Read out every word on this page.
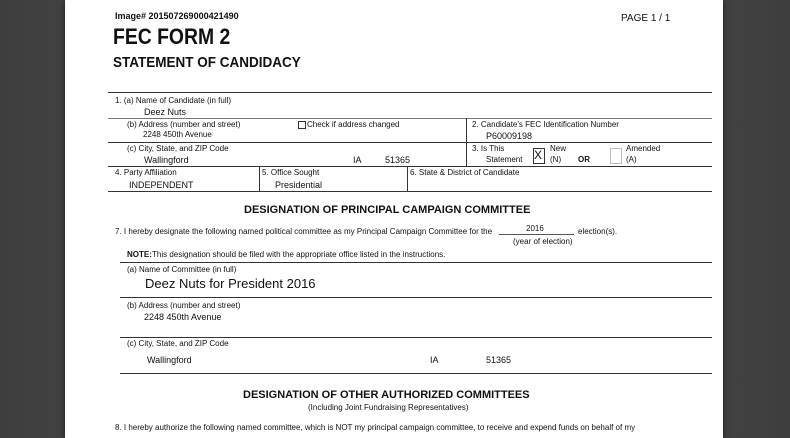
Image# 201507269000421490	PAGE 1 / 1
FEC FORM 2
STATEMENT OF CANDIDACY
1. (a) Name of Candidate (in full)
Deez Nuts
(b) Address (number and street)	Check if address changed
2248 450th Avenue
2. Candidate's FEC Identification Number
P60009198
(c) City, State, and ZIP Code
Wallingford	IA	51365
3. Is This
Statement X New
(N) OR
Amended
(A)
4. Party Affiliation
INDEPENDENT
5. Office Sought
Presidential
6. State & District of Candidate
DESIGNATION OF PRINCIPAL CAMPAIGN COMMITTEE
7. I hereby designate the following named political committee as my Principal Campaign Committee for the	2016	election(s).
(year of election)
NOTE: This designation should be filed with the appropriate office listed in the instructions.
(a) Name of Committee (in full)
Deez Nuts for President 2016
(b) Address (number and street)
2248 450th Avenue
(c) City, State, and ZIP Code
Wallingford	IA	51365
DESIGNATION OF OTHER AUTHORIZED COMMITTEES
(Including Joint Fundraising Representatives)
8. I hereby authorize the following named committee, which is NOT my principal campaign committee, to receive and expend funds on behalf of my
